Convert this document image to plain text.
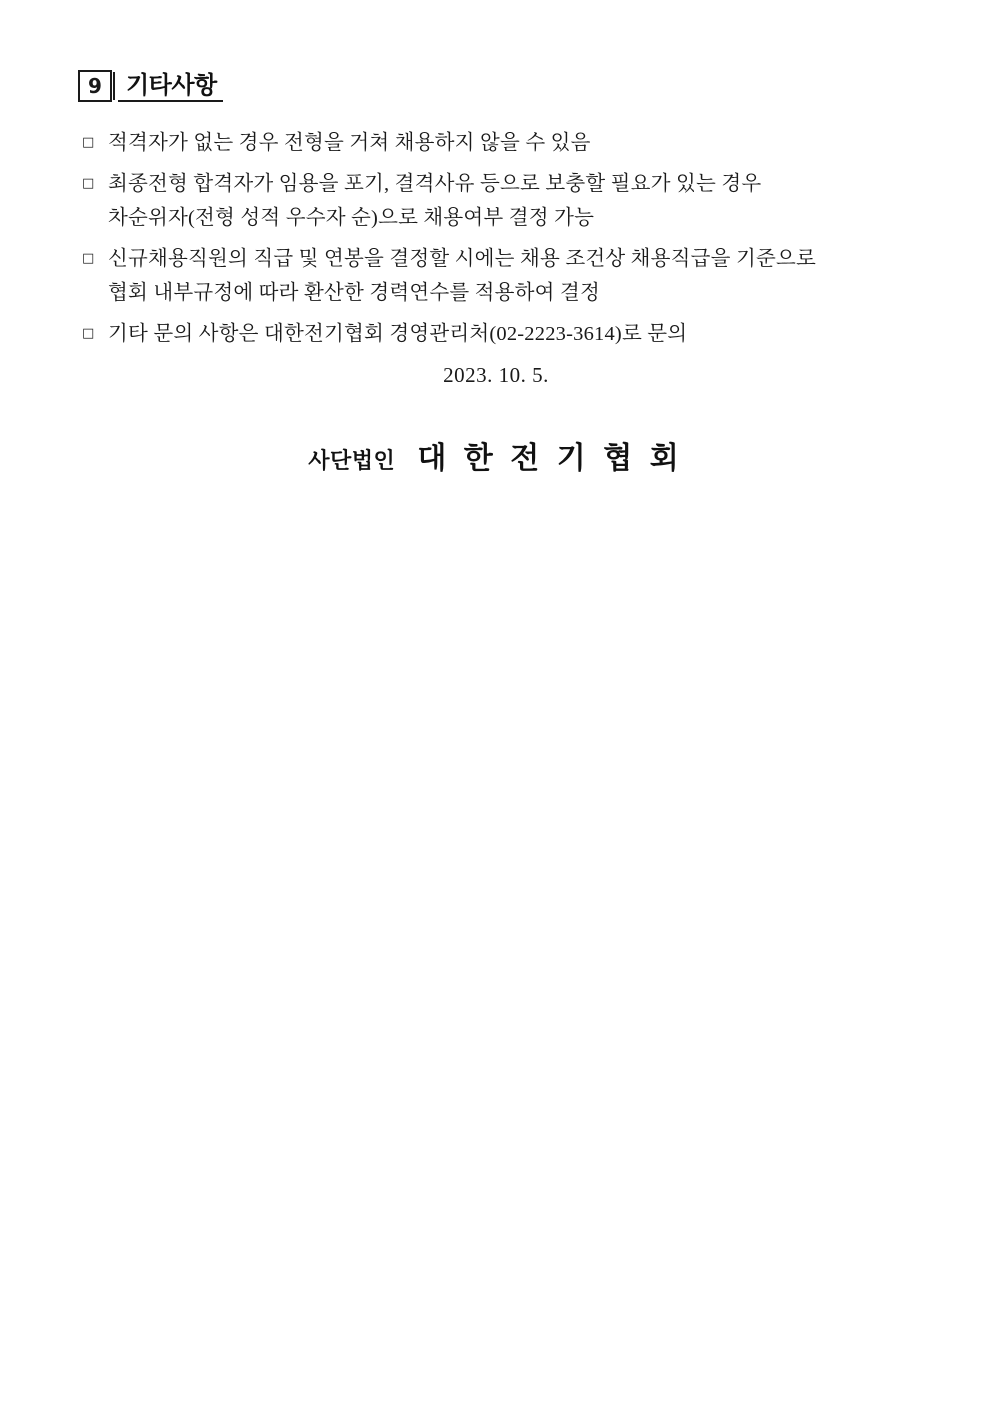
9	기타사항
□ 적격자가 없는 경우 전형을 거쳐 채용하지 않을 수 있음
□ 최종전형 합격자가 임용을 포기, 결격사유 등으로 보충할 필요가 있는 경우
차순위자(전형 성적 우수자 순)으로 채용여부 결정 가능
□ 신규채용직원의 직급 및 연봉을 결정할 시에는 채용 조건상 채용직급을 기준으로
협회 내부규정에 따라 환산한 경력연수를 적용하여 결정
□ 기타 문의 사항은 대한전기협회 경영관리처(02-2223-3614)로 문의
2023. 10. 5.
사단법인 대 한 전 기 협 회
